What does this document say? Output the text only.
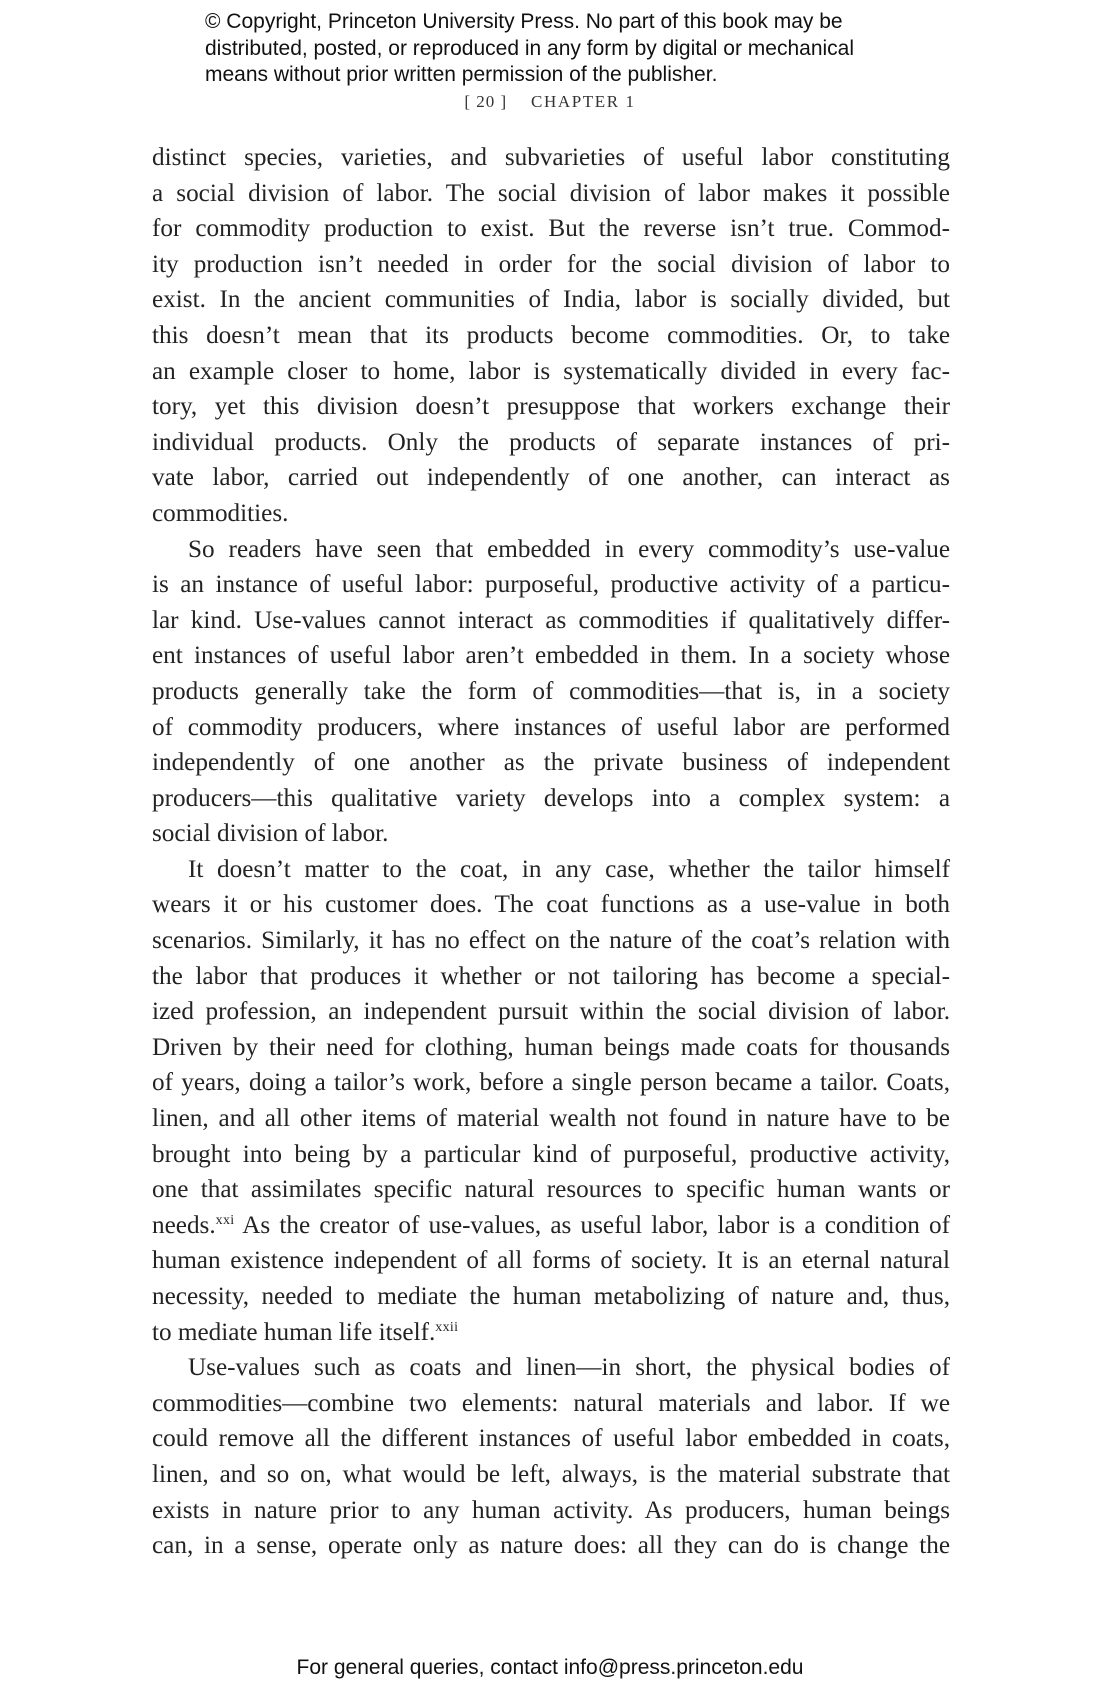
© Copyright, Princeton University Press. No part of this book may be
distributed, posted, or reproduced in any form by digital or mechanical
means without prior written permission of the publisher.
[ 20 ] CHAPTER 1
distinct species, varieties, and subvarieties of useful labor constituting
a social division of labor. The social division of labor makes it possible
for commodity production to exist. But the reverse isn’t true. Commod-
ity production isn’t needed in order for the social division of labor to
exist. In the ancient communities of India, labor is socially divided, but
this doesn’t mean that its products become commodities. Or, to take
an example closer to home, labor is systematically divided in every fac-
tory, yet this division doesn’t presuppose that workers exchange their
individual products. Only the products of separate instances of pri-
vate labor, carried out independently of one another, can interact as
commodities.
So readers have seen that embedded in every commodity’s use-value
is an instance of useful labor: purposeful, productive activity of a particu-
lar kind. Use-values cannot interact as commodities if qualitatively differ-
ent instances of useful labor aren’t embedded in them. In a society whose
products generally take the form of commodities—that is, in a society
of commodity producers, where instances of useful labor are performed
independently of one another as the private business of independent
producers—this qualitative variety develops into a complex system: a
social division of labor.
It doesn’t matter to the coat, in any case, whether the tailor himself
wears it or his customer does. The coat functions as a use-value in both
scenarios. Similarly, it has no effect on the nature of the coat’s relation with
the labor that produces it whether or not tailoring has become a special-
ized profession, an independent pursuit within the social division of labor.
Driven by their need for clothing, human beings made coats for thousands
of years, doing a tailor’s work, before a single person became a tailor. Coats,
linen, and all other items of material wealth not found in nature have to be
brought into being by a particular kind of purposeful, productive activity,
one that assimilates specific natural resources to specific human wants or
needs.$^{xxi}$ As the creator of use-values, as useful labor, labor is a condition of
human existence independent of all forms of society. It is an eternal natural
necessity, needed to mediate the human metabolizing of nature and, thus,
to mediate human life itself.$^{xxii}$
Use-values such as coats and linen—in short, the physical bodies of
commodities—combine two elements: natural materials and labor. If we
could remove all the different instances of useful labor embedded in coats,
linen, and so on, what would be left, always, is the material substrate that
exists in nature prior to any human activity. As producers, human beings
can, in a sense, operate only as nature does: all they can do is change the
For general queries, contact info@press.princeton.edu
